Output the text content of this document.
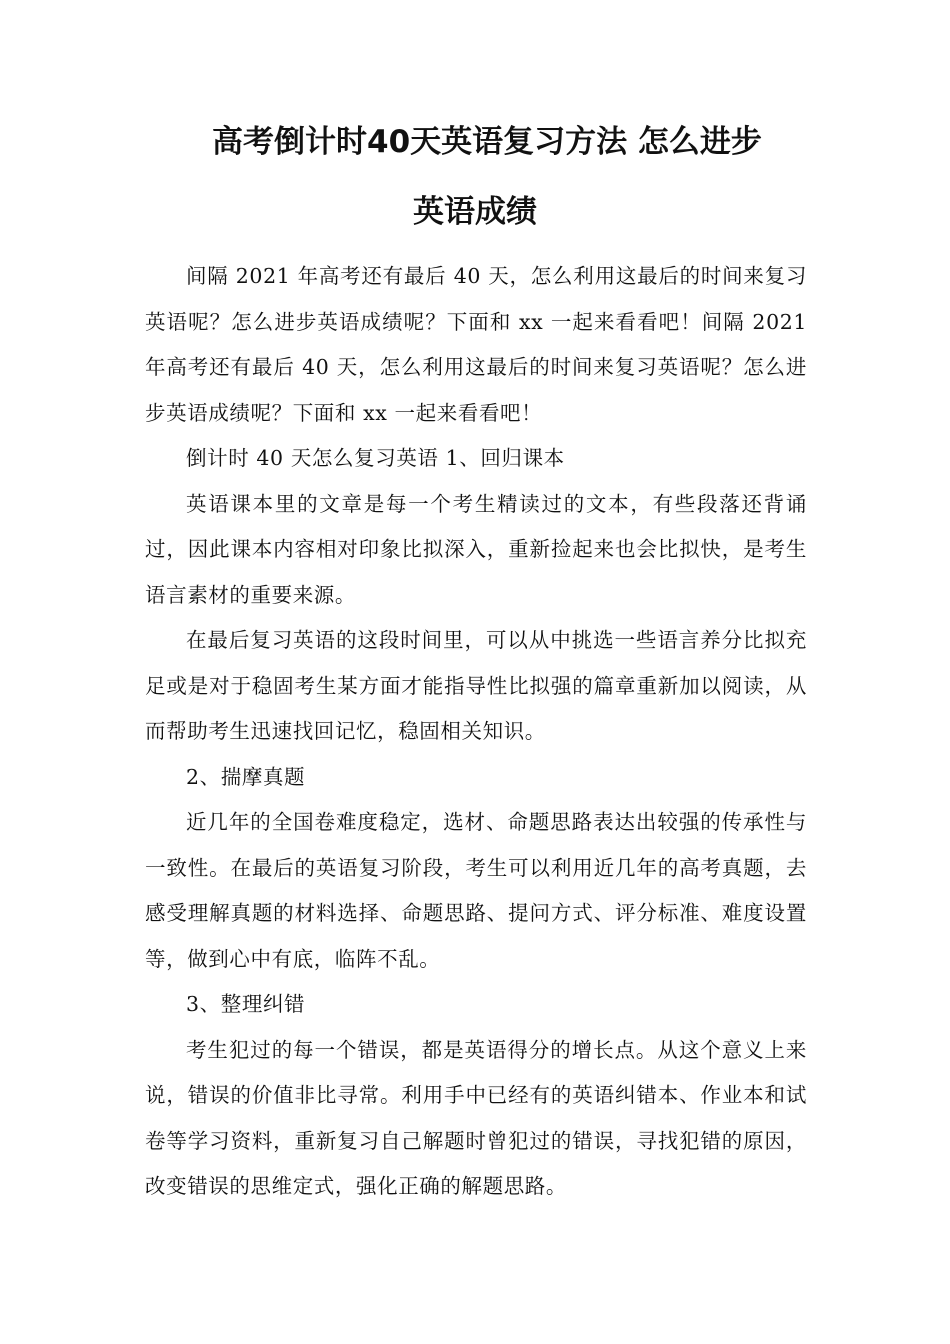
高考倒计时40天英语复习方法 怎么进步
英语成绩

间隔 2021 年高考还有最后 40 天，怎么利用这最后的时间来复习英语呢？怎么进步英语成绩呢？下面和 xx 一起来看看吧！间隔 2021 年高考还有最后 40 天，怎么利用这最后的时间来复习英语呢？怎么进步英语成绩呢？下面和 xx 一起来看看吧！

倒计时 40 天怎么复习英语 1、回归课本

英语课本里的文章是每一个考生精读过的文本，有些段落还背诵过，因此课本内容相对印象比拟深入，重新捡起来也会比拟快，是考生语言素材的重要来源。

在最后复习英语的这段时间里，可以从中挑选一些语言养分比拟充足或是对于稳固考生某方面才能指导性比拟强的篇章重新加以阅读，从而帮助考生迅速找回记忆，稳固相关知识。

2、揣摩真题

近几年的全国卷难度稳定，选材、命题思路表达出较强的传承性与一致性。在最后的英语复习阶段，考生可以利用近几年的高考真题，去感受理解真题的材料选择、命题思路、提问方式、评分标准、难度设置等，做到心中有底，临阵不乱。

3、整理纠错

考生犯过的每一个错误，都是英语得分的增长点。从这个意义上来说，错误的价值非比寻常。利用手中已经有的英语纠错本、作业本和试卷等学习资料，重新复习自己解题时曾犯过的错误，寻找犯错的原因，改变错误的思维定式，强化正确的解题思路。
